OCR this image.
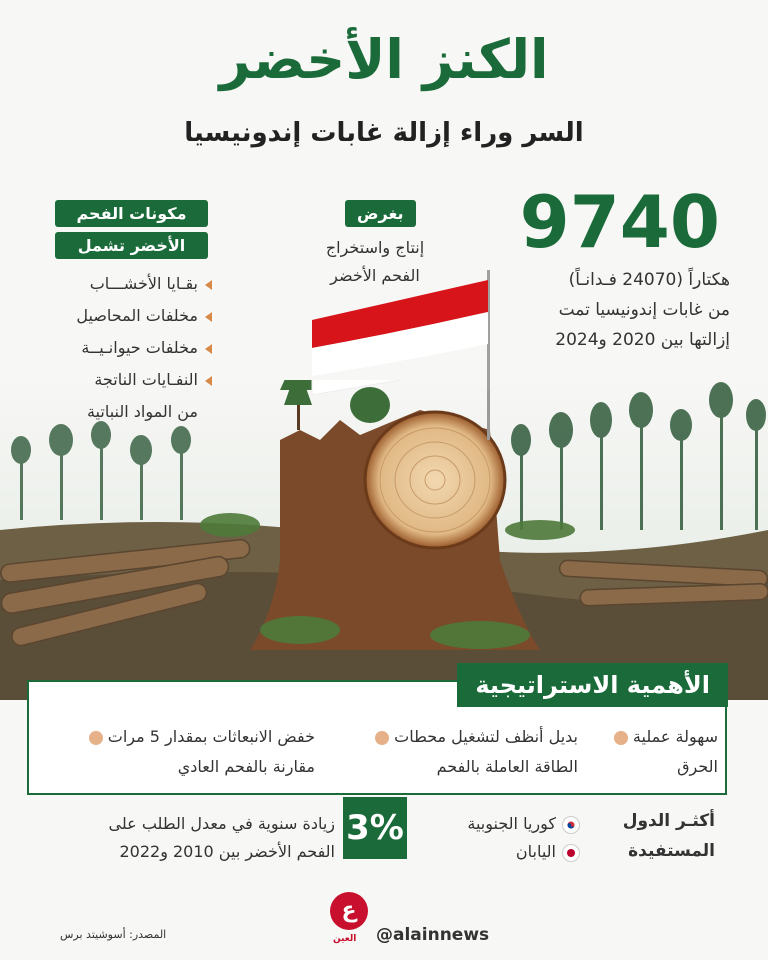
الكنز الأخضر
السر وراء إزالة غابات إندونيسيا
9740
هكتاراً (24070 فـدانـاً)
من غابات إندونيسيا تمت
إزالتها بين 2020 و2024
بغرض
إنتاج واستخراج
الفحم الأخضر
مكونات الفحم
الأخضر تشمل
بقـايا الأخشـــاب
مخلفات المحاصيل
مخلفات حيوانـيــة
النفـايات الناتجة
من المواد النباتية
الأهمية الاستراتيجية
سهولة عملية
الحرق
بديل أنظف لتشغيل محطات
الطاقة العاملة بالفحم
خفض الانبعاثات بمقدار 5 مرات
مقارنة بالفحم العادي
3%
زيادة سنوية في معدل الطلب على
الفحم الأخضر بين 2010 و2022
كوريا الجنوبية
اليابان
أكثـر الدول
المستفيدة
المصدر: أسوشيتد برس
ع
العين @alainnews
